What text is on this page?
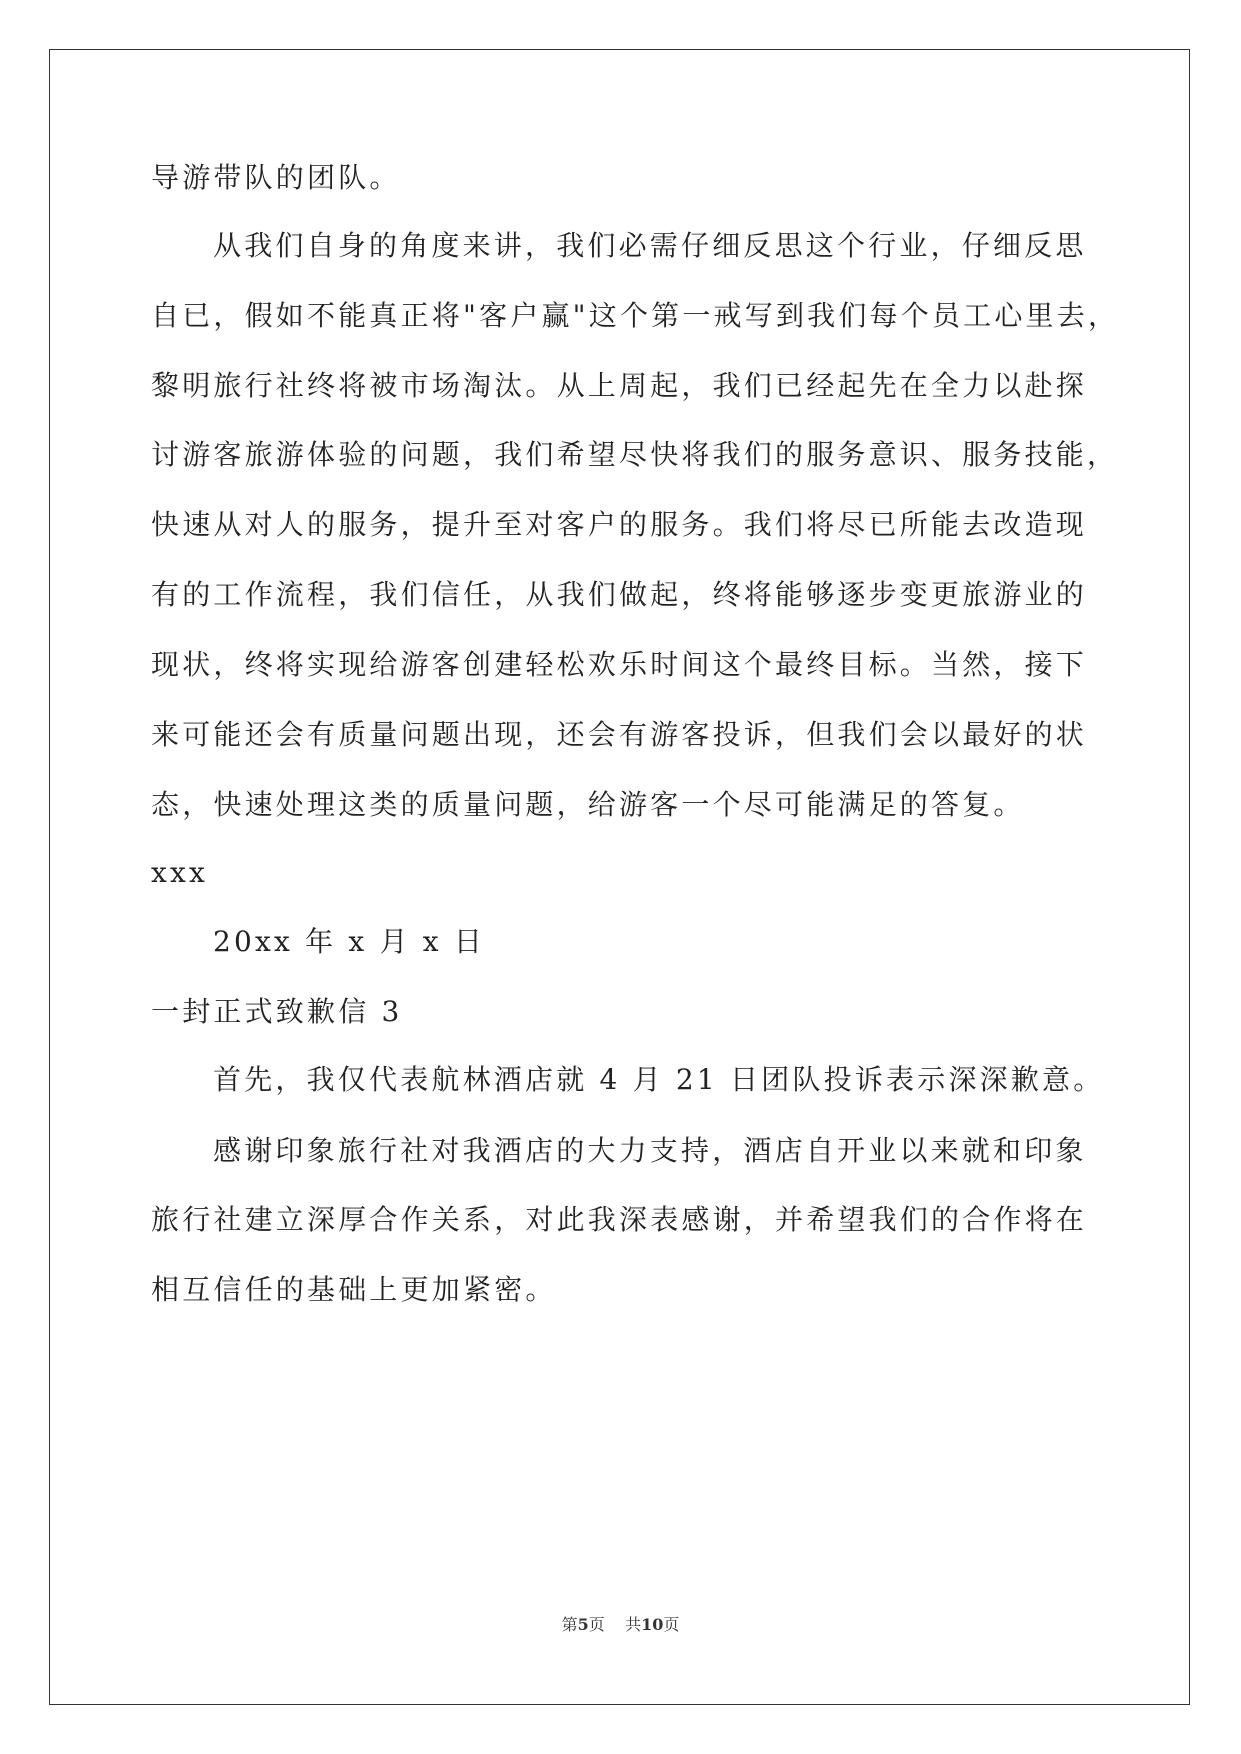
导游带队的团队。

从我们自身的角度来讲，我们必需仔细反思这个行业，仔细反思

自已，假如不能真正将"客户赢"这个第一戒写到我们每个员工心里去，

黎明旅行社终将被市场淘汰。从上周起，我们已经起先在全力以赴探

讨游客旅游体验的问题，我们希望尽快将我们的服务意识、服务技能，

快速从对人的服务，提升至对客户的服务。我们将尽已所能去改造现

有的工作流程，我们信任，从我们做起，终将能够逐步变更旅游业的

现状，终将实现给游客创建轻松欢乐时间这个最终目标。当然，接下

来可能还会有质量问题出现，还会有游客投诉，但我们会以最好的状

态，快速处理这类的质量问题，给游客一个尽可能满足的答复。

xxx

20xx 年 x 月 x 日

一封正式致歉信 3

首先，我仅代表航林酒店就 4 月 21 日团队投诉表示深深歉意。

感谢印象旅行社对我酒店的大力支持，酒店自开业以来就和印象

旅行社建立深厚合作关系，对此我深表感谢，并希望我们的合作将在

相互信任的基础上更加紧密。

第5页 共10页
